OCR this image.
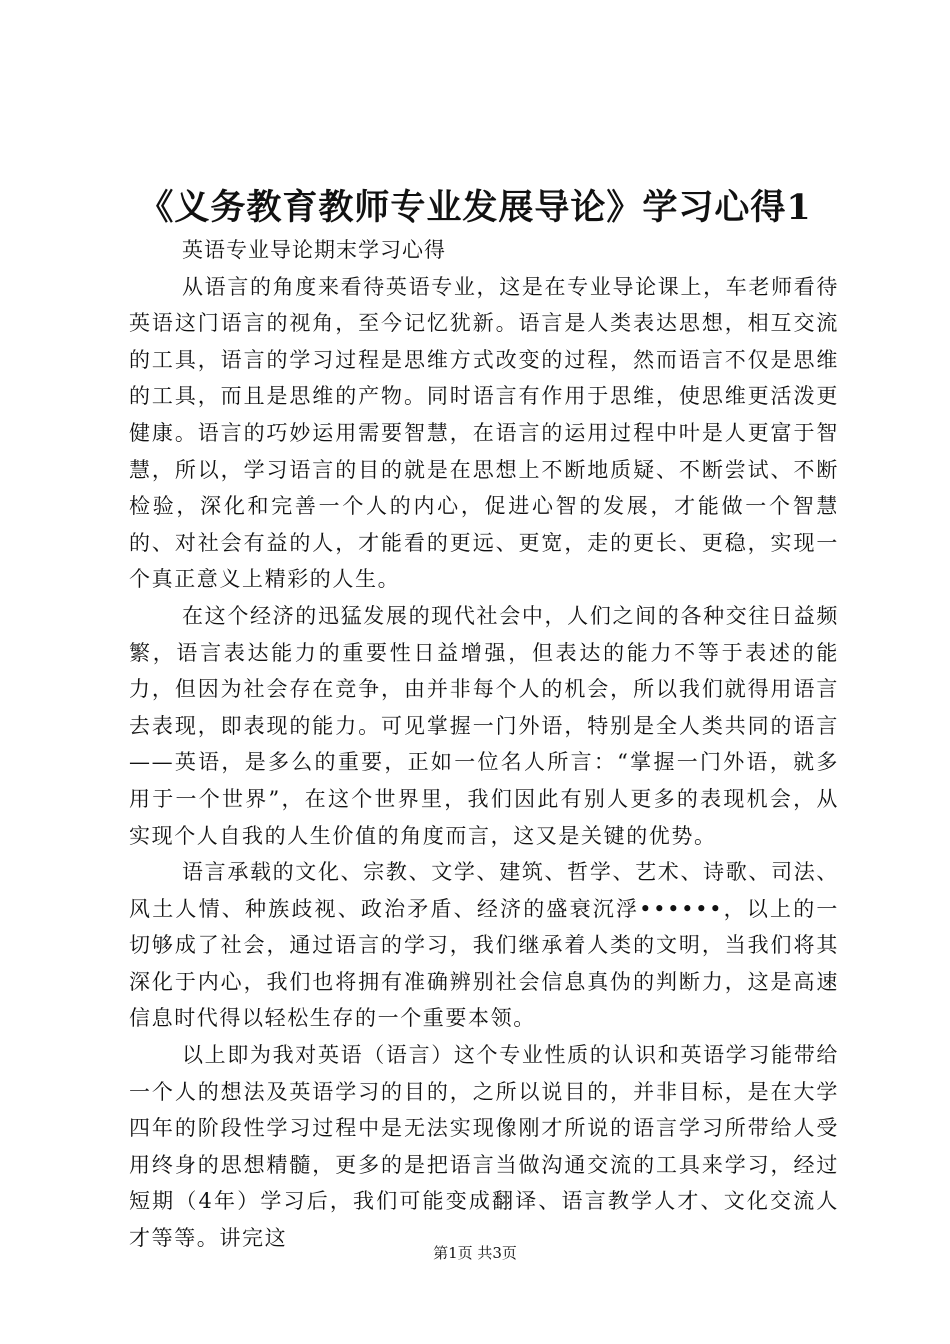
《义务教育教师专业发展导论》学习心得1

英语专业导论期末学习心得

从语言的角度来看待英语专业，这是在专业导论课上，车老师看待英语这门语言的视角，至今记忆犹新。语言是人类表达思想，相互交流的工具，语言的学习过程是思维方式改变的过程，然而语言不仅是思维的工具，而且是思维的产物。同时语言有作用于思维，使思维更活泼更健康。语言的巧妙运用需要智慧，在语言的运用过程中叶是人更富于智慧，所以，学习语言的目的就是在思想上不断地质疑、不断尝试、不断检验，深化和完善一个人的内心，促进心智的发展，才能做一个智慧的、对社会有益的人，才能看的更远、更宽，走的更长、更稳，实现一个真正意义上精彩的人生。

在这个经济的迅猛发展的现代社会中，人们之间的各种交往日益频繁，语言表达能力的重要性日益增强，但表达的能力不等于表述的能力，但因为社会存在竞争，由并非每个人的机会，所以我们就得用语言去表现，即表现的能力。可见掌握一门外语，特别是全人类共同的语言——英语，是多么的重要，正如一位名人所言：“掌握一门外语，就多用于一个世界”，在这个世界里，我们因此有别人更多的表现机会，从实现个人自我的人生价值的角度而言，这又是关键的优势。

语言承载的文化、宗教、文学、建筑、哲学、艺术、诗歌、司法、风土人情、种族歧视、政治矛盾、经济的盛衰沉浮••••••，以上的一切够成了社会，通过语言的学习，我们继承着人类的文明，当我们将其深化于内心，我们也将拥有准确辨别社会信息真伪的判断力，这是高速信息时代得以轻松生存的一个重要本领。

以上即为我对英语（语言）这个专业性质的认识和英语学习能带给一个人的想法及英语学习的目的，之所以说目的，并非目标，是在大学四年的阶段性学习过程中是无法实现像刚才所说的语言学习所带给人受用终身的思想精髓，更多的是把语言当做沟通交流的工具来学习，经过短期（4年）学习后，我们可能变成翻译、语言教学人才、文化交流人才等等。讲完这

第1页 共3页
